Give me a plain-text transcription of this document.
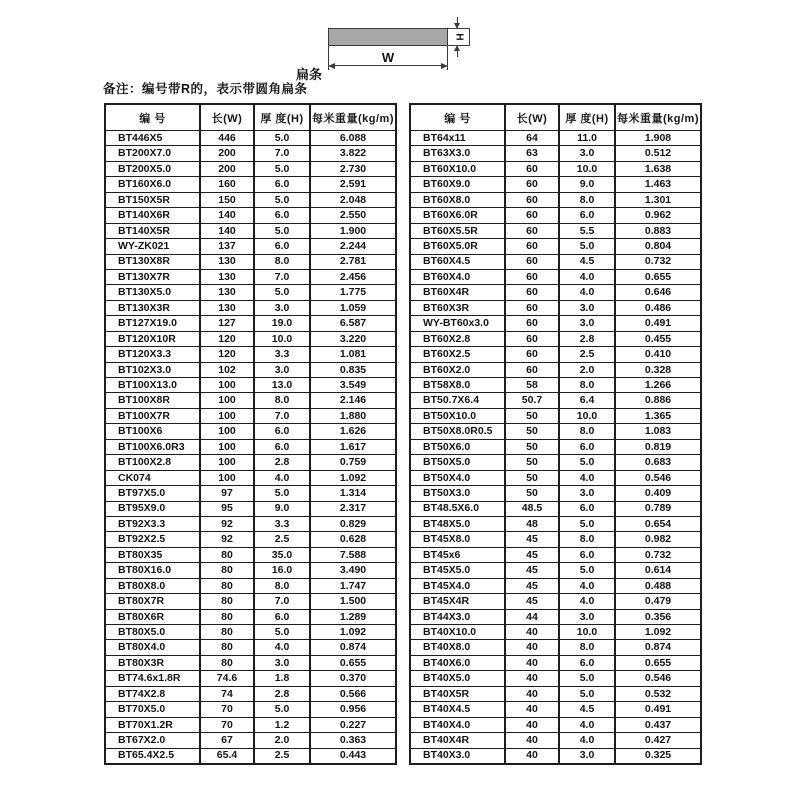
H
W
扁条
备注：编号带R的，表示带圆角扁条
编 号	长(W)	厚 度(H)	每米重量(kg/m)
BT446X5	446	5.0	6.088
BT200X7.0	200	7.0	3.822
BT200X5.0	200	5.0	2.730
BT160X6.0	160	6.0	2.591
BT150X5R	150	5.0	2.048
BT140X6R	140	6.0	2.550
BT140X5R	140	5.0	1.900
WY-ZK021	137	6.0	2.244
BT130X8R	130	8.0	2.781
BT130X7R	130	7.0	2.456
BT130X5.0	130	5.0	1.775
BT130X3R	130	3.0	1.059
BT127X19.0	127	19.0	6.587
BT120X10R	120	10.0	3.220
BT120X3.3	120	3.3	1.081
BT102X3.0	102	3.0	0.835
BT100X13.0	100	13.0	3.549
BT100X8R	100	8.0	2.146
BT100X7R	100	7.0	1.880
BT100X6	100	6.0	1.626
BT100X6.0R3	100	6.0	1.617
BT100X2.8	100	2.8	0.759
CK074	100	4.0	1.092
BT97X5.0	97	5.0	1.314
BT95X9.0	95	9.0	2.317
BT92X3.3	92	3.3	0.829
BT92X2.5	92	2.5	0.628
BT80X35	80	35.0	7.588
BT80X16.0	80	16.0	3.490
BT80X8.0	80	8.0	1.747
BT80X7R	80	7.0	1.500
BT80X6R	80	6.0	1.289
BT80X5.0	80	5.0	1.092
BT80X4.0	80	4.0	0.874
BT80X3R	80	3.0	0.655
BT74.6x1.8R	74.6	1.8	0.370
BT74X2.8	74	2.8	0.566
BT70X5.0	70	5.0	0.956
BT70X1.2R	70	1.2	0.227
BT67X2.0	67	2.0	0.363
BT65.4X2.5	65.4	2.5	0.443
编 号	长(W)	厚 度(H)	每米重量(kg/m)
BT64x11	64	11.0	1.908
BT63X3.0	63	3.0	0.512
BT60X10.0	60	10.0	1.638
BT60X9.0	60	9.0	1.463
BT60X8.0	60	8.0	1.301
BT60X6.0R	60	6.0	0.962
BT60X5.5R	60	5.5	0.883
BT60X5.0R	60	5.0	0.804
BT60X4.5	60	4.5	0.732
BT60X4.0	60	4.0	0.655
BT60X4R	60	4.0	0.646
BT60X3R	60	3.0	0.486
WY-BT60x3.0	60	3.0	0.491
BT60X2.8	60	2.8	0.455
BT60X2.5	60	2.5	0.410
BT60X2.0	60	2.0	0.328
BT58X8.0	58	8.0	1.266
BT50.7X6.4	50.7	6.4	0.886
BT50X10.0	50	10.0	1.365
BT50X8.0R0.5	50	8.0	1.083
BT50X6.0	50	6.0	0.819
BT50X5.0	50	5.0	0.683
BT50X4.0	50	4.0	0.546
BT50X3.0	50	3.0	0.409
BT48.5X6.0	48.5	6.0	0.789
BT48X5.0	48	5.0	0.654
BT45X8.0	45	8.0	0.982
BT45x6	45	6.0	0.732
BT45X5.0	45	5.0	0.614
BT45X4.0	45	4.0	0.488
BT45X4R	45	4.0	0.479
BT44X3.0	44	3.0	0.356
BT40X10.0	40	10.0	1.092
BT40X8.0	40	8.0	0.874
BT40X6.0	40	6.0	0.655
BT40X5.0	40	5.0	0.546
BT40X5R	40	5.0	0.532
BT40X4.5	40	4.5	0.491
BT40X4.0	40	4.0	0.437
BT40X4R	40	4.0	0.427
BT40X3.0	40	3.0	0.325
